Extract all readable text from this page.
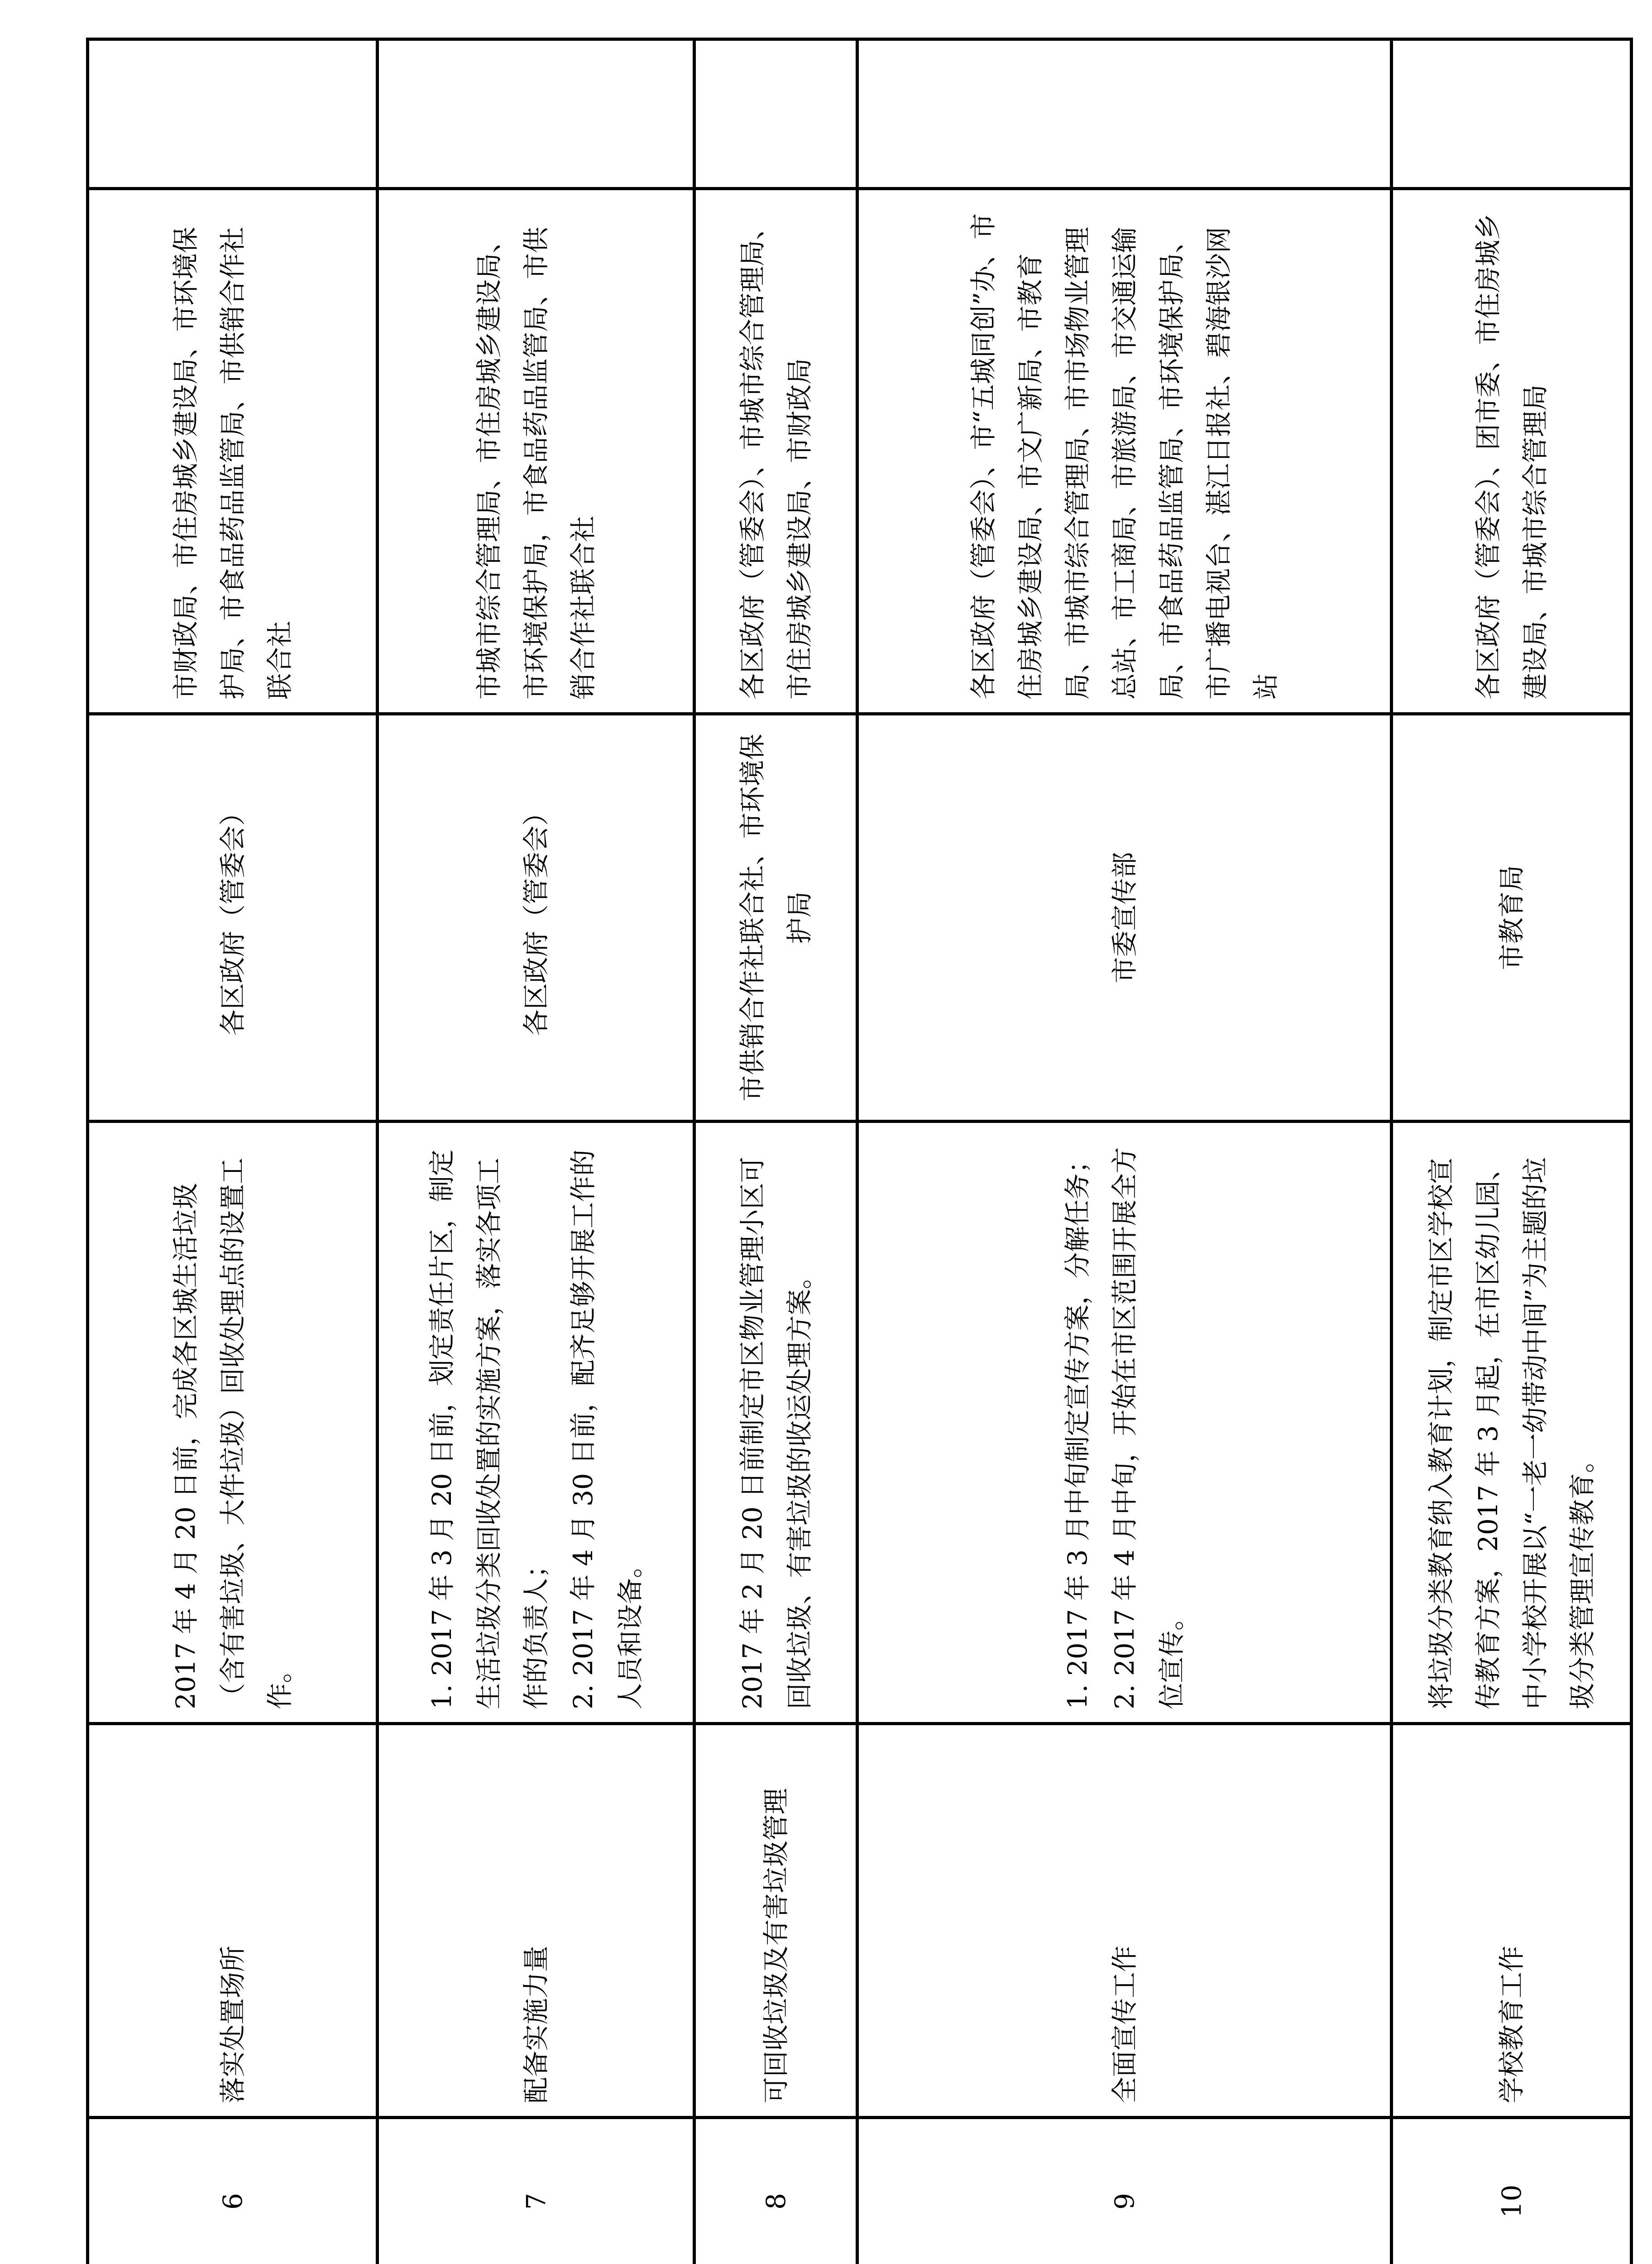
6	落实处置场所	2017 年 4 月 20 日前，完成各区城生活垃圾（含有害垃圾、大件垃圾）回收处理点的设置工作。	各区政府（管委会）	市财政局、市住房城乡建设局、市环境保护局、市食品药品监管局、市供销合作社联合社	
7	配备实施力量	1. 2017 年 3 月 20 日前，划定责任片区，制定生活垃圾分类回收处置的实施方案，落实各项工作的负责人； 2. 2017 年 4 月 30 日前，配齐足够开展工作的人员和设备。	各区政府（管委会）	市城市综合管理局、市住房城乡建设局、市环境保护局，市食品药品监管局、市供销合作社联合社	
8	可回收垃圾及有害垃圾管理	2017 年 2 月 20 日前制定市区物业管理小区可回收垃圾、有害垃圾的收运处理方案。	市供销合作社联合社、市环境保护局	各区政府（管委会）、市城市综合管理局、市住房城乡建设局、市财政局	
9	全面宣传工作	1. 2017 年 3 月中旬制定宣传方案，分解任务； 2. 2017 年 4 月中旬，开始在市区范围开展全方位宣传。	市委宣传部	各区政府（管委会）、市“五城同创”办、市住房城乡建设局、市文广新局、市教育局、市城市综合管理局、市市场物业管理总站、市工商局、市旅游局、市交通运输局、市食品药品监管局、市环境保护局、市广播电视台、湛江日报社、碧海银沙网站	
10	学校教育工作	将垃圾分类教育纳入教育计划，制定市区学校宣传教育方案，2017 年 3 月起，在市区幼儿园、中小学校开展以“一老一幼带动中间”为主题的垃圾分类管理宣传教育。	市教育局	各区政府（管委会）、团市委、市住房城乡建设局、市城市综合管理局	
